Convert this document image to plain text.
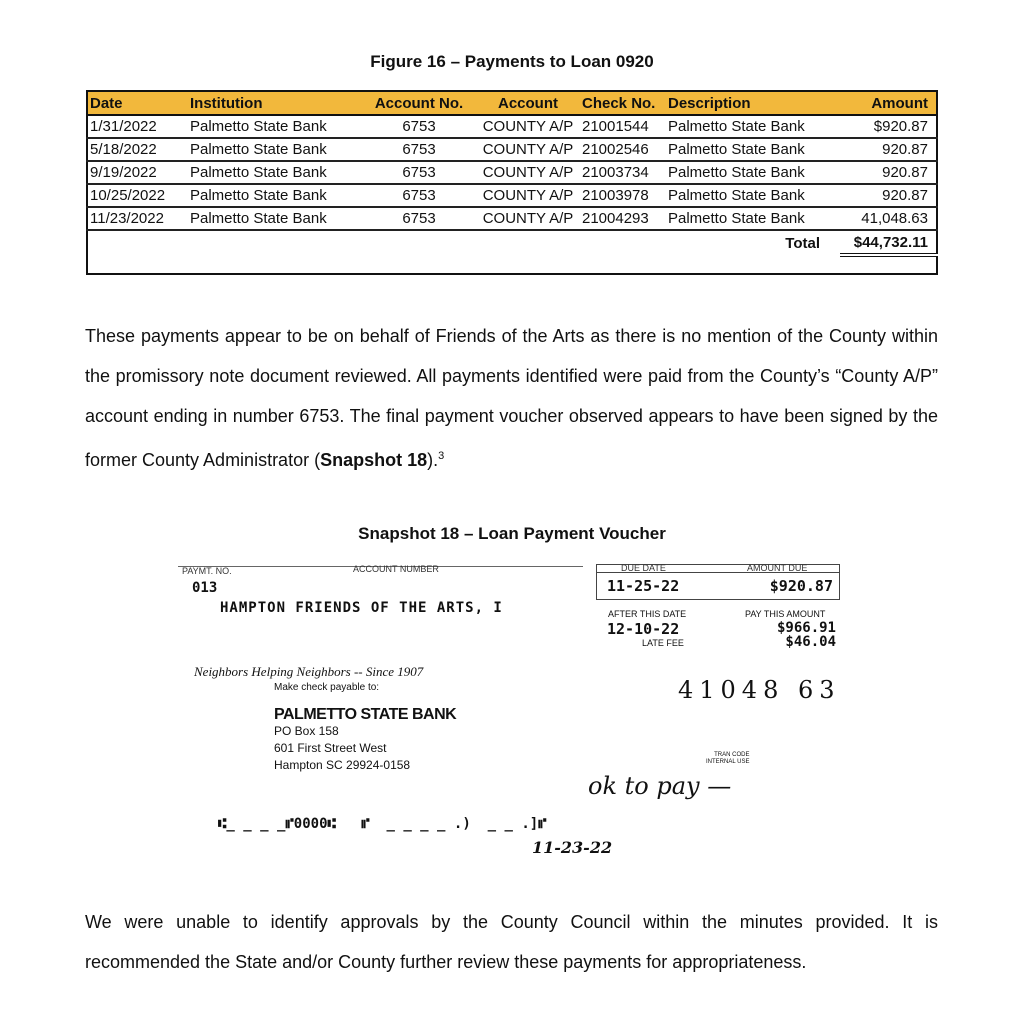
Figure 16 – Payments to Loan 0920
Date	Institution	Account No.	Account	Check No.	Description	Amount
1/31/2022	Palmetto State Bank	6753	COUNTY A/P	21001544	Palmetto State Bank	$920.87
5/18/2022	Palmetto State Bank	6753	COUNTY A/P	21002546	Palmetto State Bank	920.87
9/19/2022	Palmetto State Bank	6753	COUNTY A/P	21003734	Palmetto State Bank	920.87
10/25/2022	Palmetto State Bank	6753	COUNTY A/P	21003978	Palmetto State Bank	920.87
11/23/2022	Palmetto State Bank	6753	COUNTY A/P	21004293	Palmetto State Bank	41,048.63
					Total	$44,732.11

These payments appear to be on behalf of Friends of the Arts as there is no mention of the County within the promissory note document reviewed. All payments identified were paid from the County’s “County A/P” account ending in number 6753. The final payment voucher observed appears to have been signed by the former County Administrator (Snapshot 18).$^3$
Snapshot 18 – Loan Payment Voucher
PAYMT. NO.	ACCOUNT NUMBER
013
HAMPTON FRIENDS OF THE ARTS, I
DUE DATE	AMOUNT DUE
11-25-22	$920.87
AFTER THIS DATE	PAY THIS AMOUNT
12-10-22	$966.91
LATE FEE	$46.04
Neighbors Helping Neighbors -- Since 1907
Make check payable to:
PALMETTO STATE BANK
PO Box 158
601 First Street West
Hampton SC 29924-0158
41048 63
TRAN CODE
INTERNAL USE
ok to pay —
⑆_ _ _ _⑈0000⑆   ⑈  _ _ _ _ .)  _ _ .]⑈
11-23-22
We were unable to identify approvals by the County Council within the minutes provided. It is recommended the State and/or County further review these payments for appropriateness.
